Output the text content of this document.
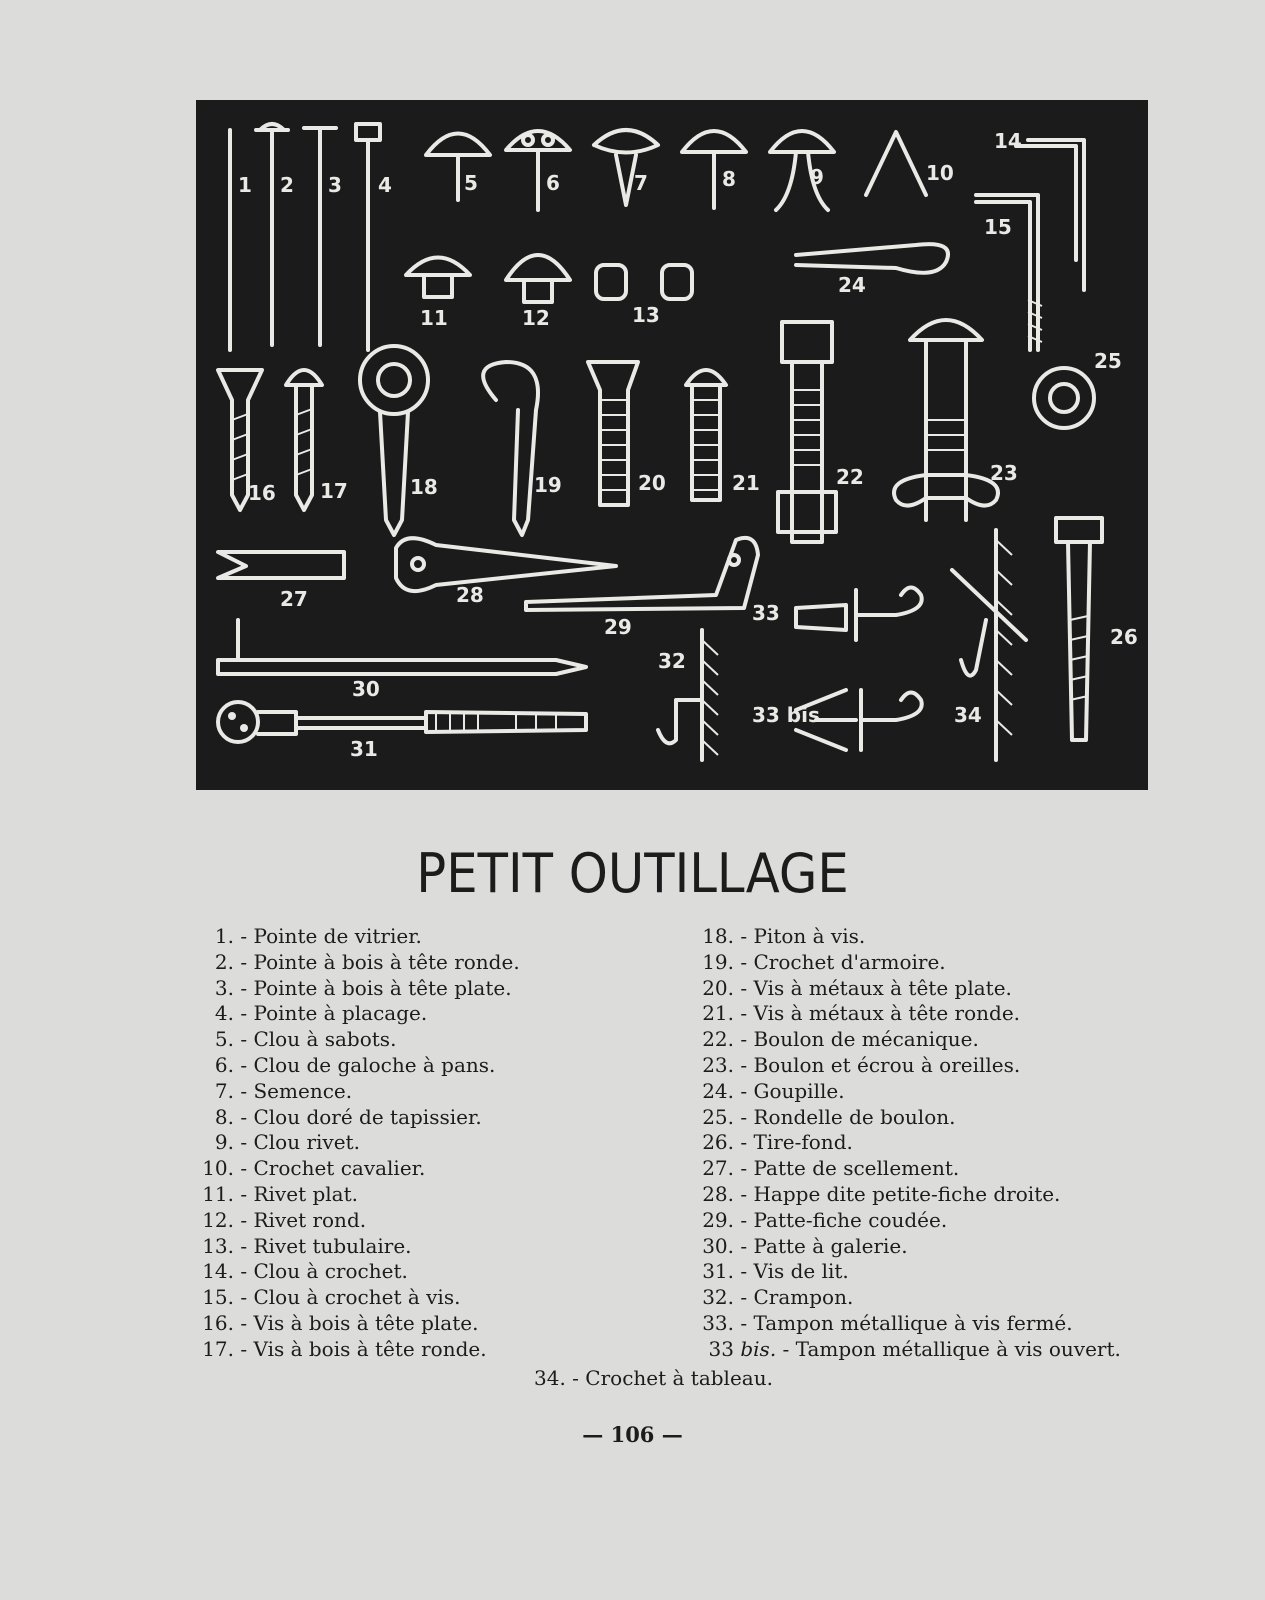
1 2 3 4	5	6	7	8	9	10
11	12	13
14
15
16 17	18	19	20	21	22	23
24
25
26
27	28
29
30
31
32
33
33 bis	34
PETIT OUTILLAGE
1. - Pointe de vitrier.
2. - Pointe à bois à tête ronde.
3. - Pointe à bois à tête plate.
4. - Pointe à placage.
5. - Clou à sabots.
6. - Clou de galoche à pans.
7. - Semence.
8. - Clou doré de tapissier.
9. - Clou rivet.
10. - Crochet cavalier.
11. - Rivet plat.
12. - Rivet rond.
13. - Rivet tubulaire.
14. - Clou à crochet.
15. - Clou à crochet à vis.
16. - Vis à bois à tête plate.
17. - Vis à bois à tête ronde.
18. - Piton à vis.
19. - Crochet d'armoire.
20. - Vis à métaux à tête plate.
21. - Vis à métaux à tête ronde.
22. - Boulon de mécanique.
23. - Boulon et écrou à oreilles.
24. - Goupille.
25. - Rondelle de boulon.
26. - Tire-fond.
27. - Patte de scellement.
28. - Happe dite petite-fiche droite.
29. - Patte-fiche coudée.
30. - Patte à galerie.
31. - Vis de lit.
32. - Crampon.
33. - Tampon métallique à vis fermé.
33 bis. - Tampon métallique à vis ouvert.
34. - Crochet à tableau.
— 106 —
